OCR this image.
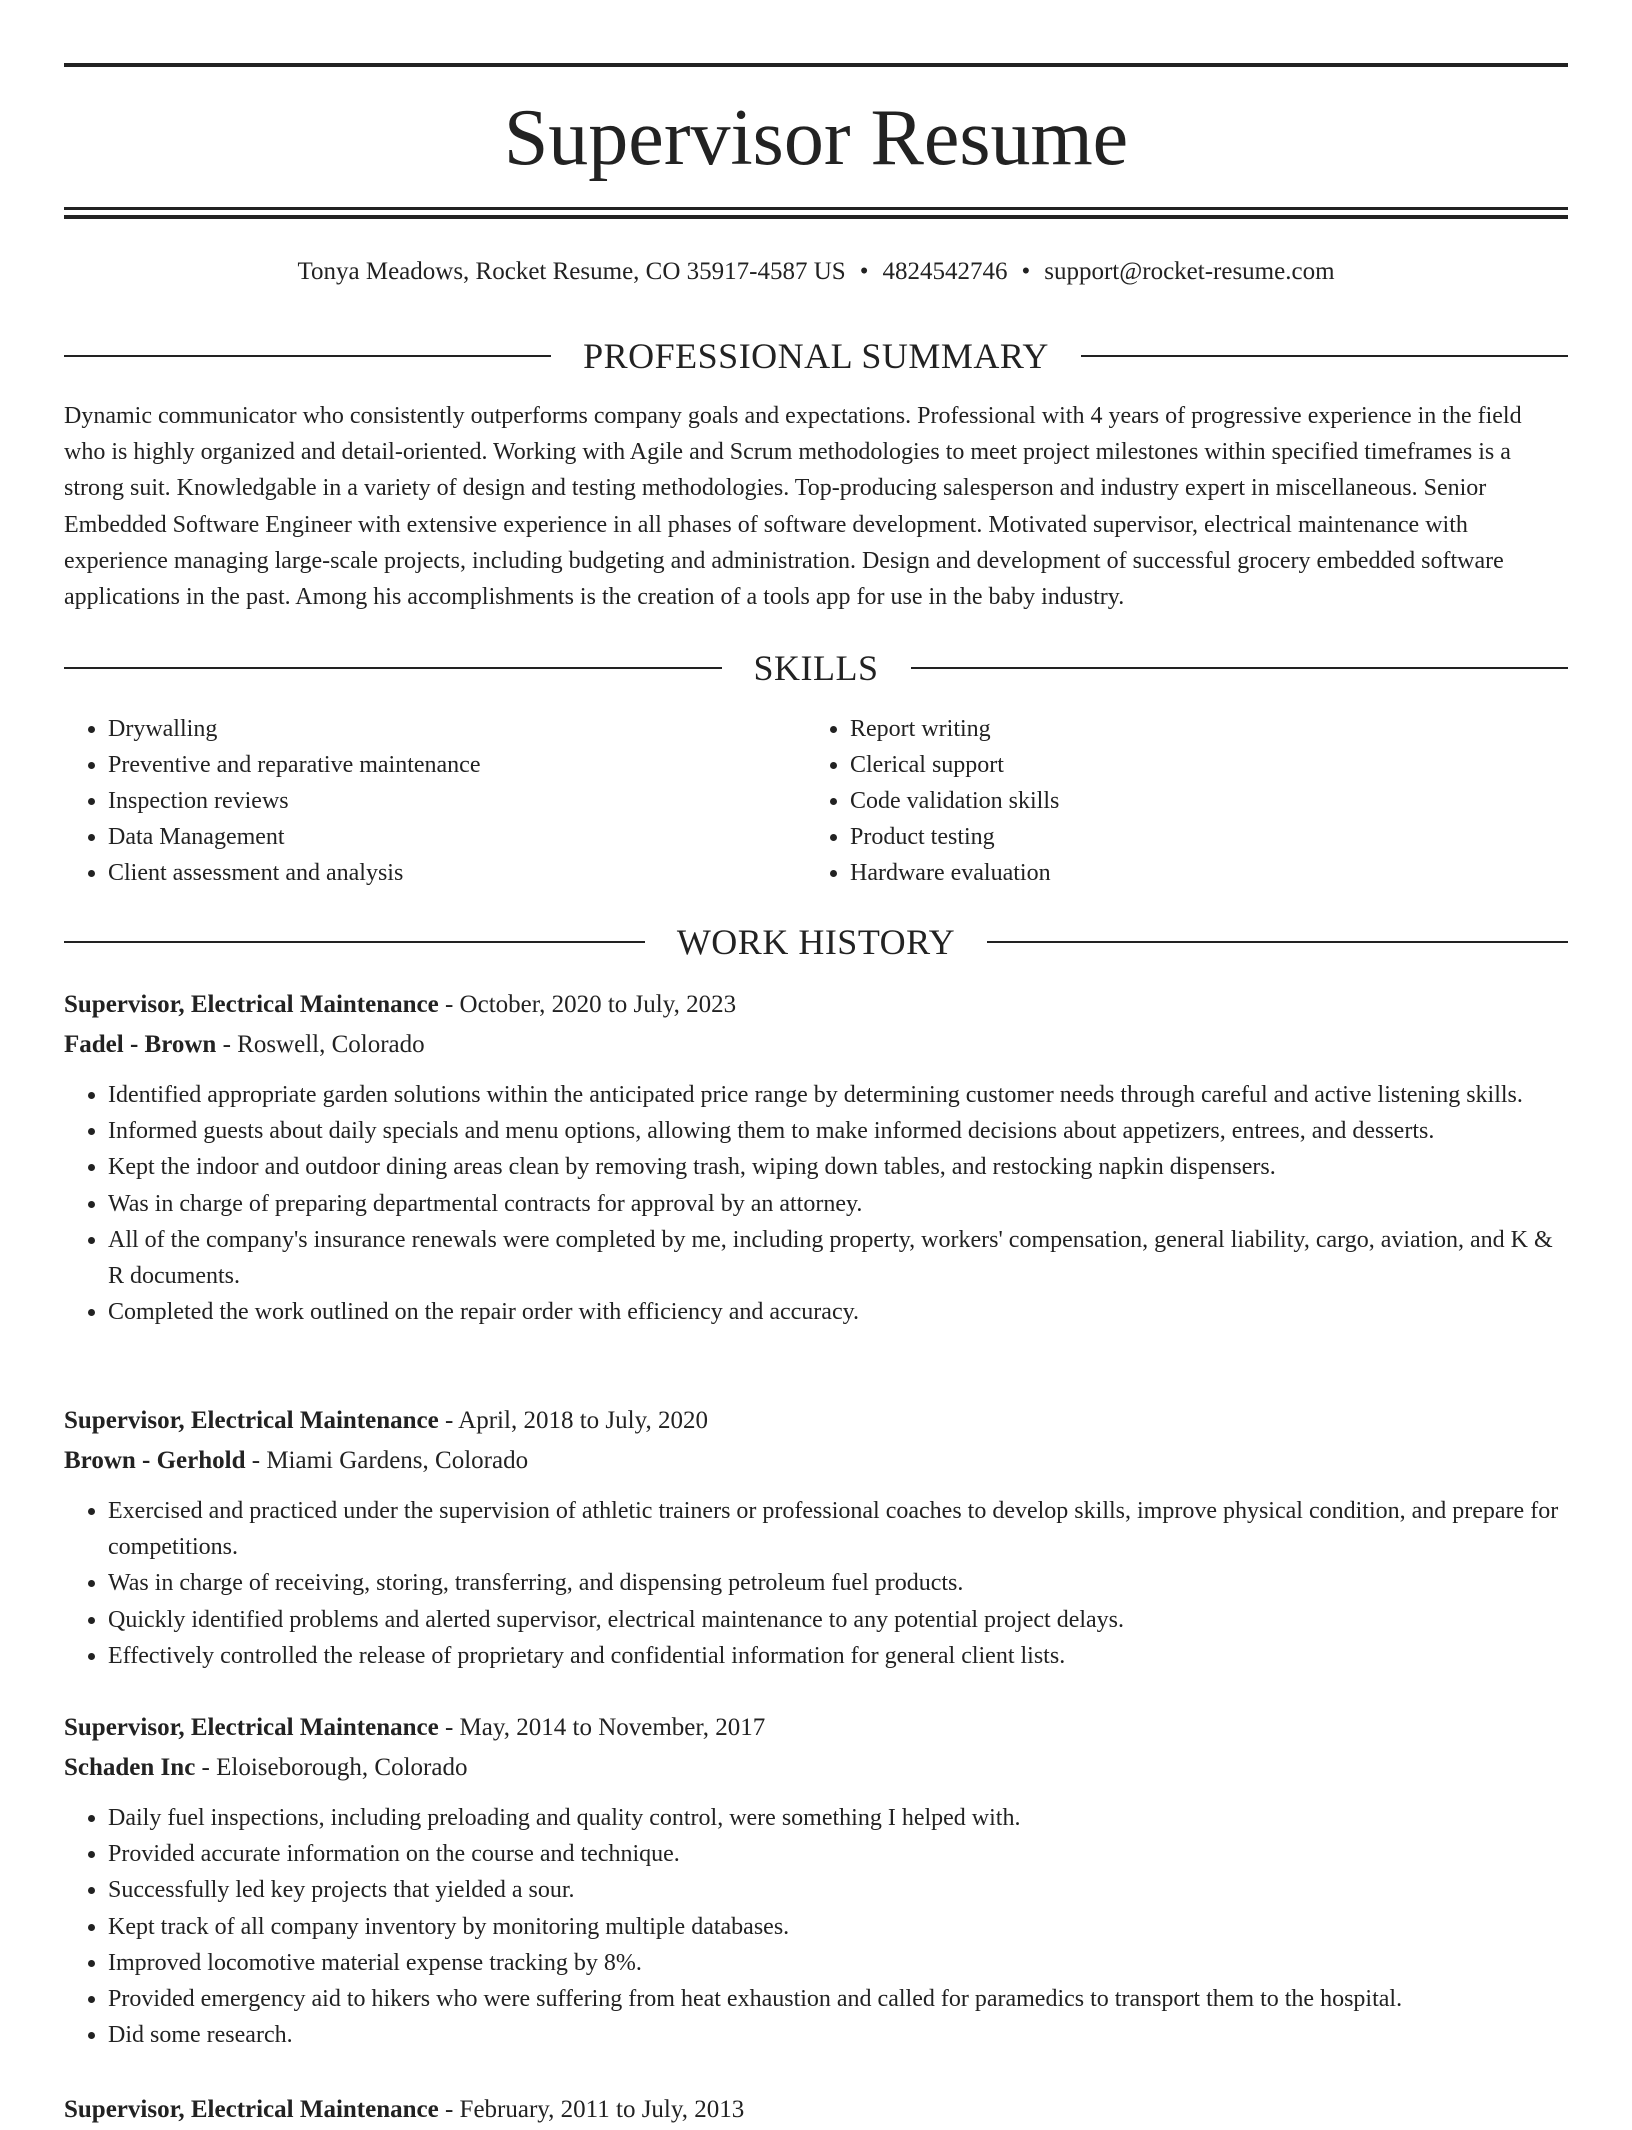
Supervisor Resume
Tonya Meadows, Rocket Resume, CO 35917-4587 US • 4824542746 • support@rocket-resume.com
PROFESSIONAL SUMMARY

Dynamic communicator who consistently outperforms company goals and expectations. Professional with 4 years of progressive experience in the field who is highly organized and detail-oriented. Working with Agile and Scrum methodologies to meet project milestones within specified timeframes is a strong suit. Knowledgable in a variety of design and testing methodologies. Top-producing salesperson and industry expert in miscellaneous. Senior Embedded Software Engineer with extensive experience in all phases of software development. Motivated supervisor, electrical maintenance with experience managing large-scale projects, including budgeting and administration. Design and development of successful grocery embedded software applications in the past. Among his accomplishments is the creation of a tools app for use in the baby industry.

SKILLS
• Drywalling
• Preventive and reparative maintenance
• Inspection reviews
• Data Management
• Client assessment and analysis
• Report writing
• Clerical support
• Code validation skills
• Product testing
• Hardware evaluation
WORK HISTORY
Supervisor, Electrical Maintenance - October, 2020 to July, 2023
Fadel - Brown - Roswell, Colorado
• Identified appropriate garden solutions within the anticipated price range by determining customer needs through careful and active listening skills.
• Informed guests about daily specials and menu options, allowing them to make informed decisions about appetizers, entrees, and desserts.
• Kept the indoor and outdoor dining areas clean by removing trash, wiping down tables, and restocking napkin dispensers.
• Was in charge of preparing departmental contracts for approval by an attorney.
• All of the company's insurance renewals were completed by me, including property, workers' compensation, general liability, cargo, aviation, and K & R documents.
• Completed the work outlined on the repair order with efficiency and accuracy.
Supervisor, Electrical Maintenance - April, 2018 to July, 2020
Brown - Gerhold - Miami Gardens, Colorado
• Exercised and practiced under the supervision of athletic trainers or professional coaches to develop skills, improve physical condition, and prepare for competitions.
• Was in charge of receiving, storing, transferring, and dispensing petroleum fuel products.
• Quickly identified problems and alerted supervisor, electrical maintenance to any potential project delays.
• Effectively controlled the release of proprietary and confidential information for general client lists.
Supervisor, Electrical Maintenance - May, 2014 to November, 2017
Schaden Inc - Eloiseborough, Colorado
• Daily fuel inspections, including preloading and quality control, were something I helped with.
• Provided accurate information on the course and technique.
• Successfully led key projects that yielded a sour.
• Kept track of all company inventory by monitoring multiple databases.
• Improved locomotive material expense tracking by 8%.
• Provided emergency aid to hikers who were suffering from heat exhaustion and called for paramedics to transport them to the hospital.
• Did some research.
Supervisor, Electrical Maintenance - February, 2011 to July, 2013
